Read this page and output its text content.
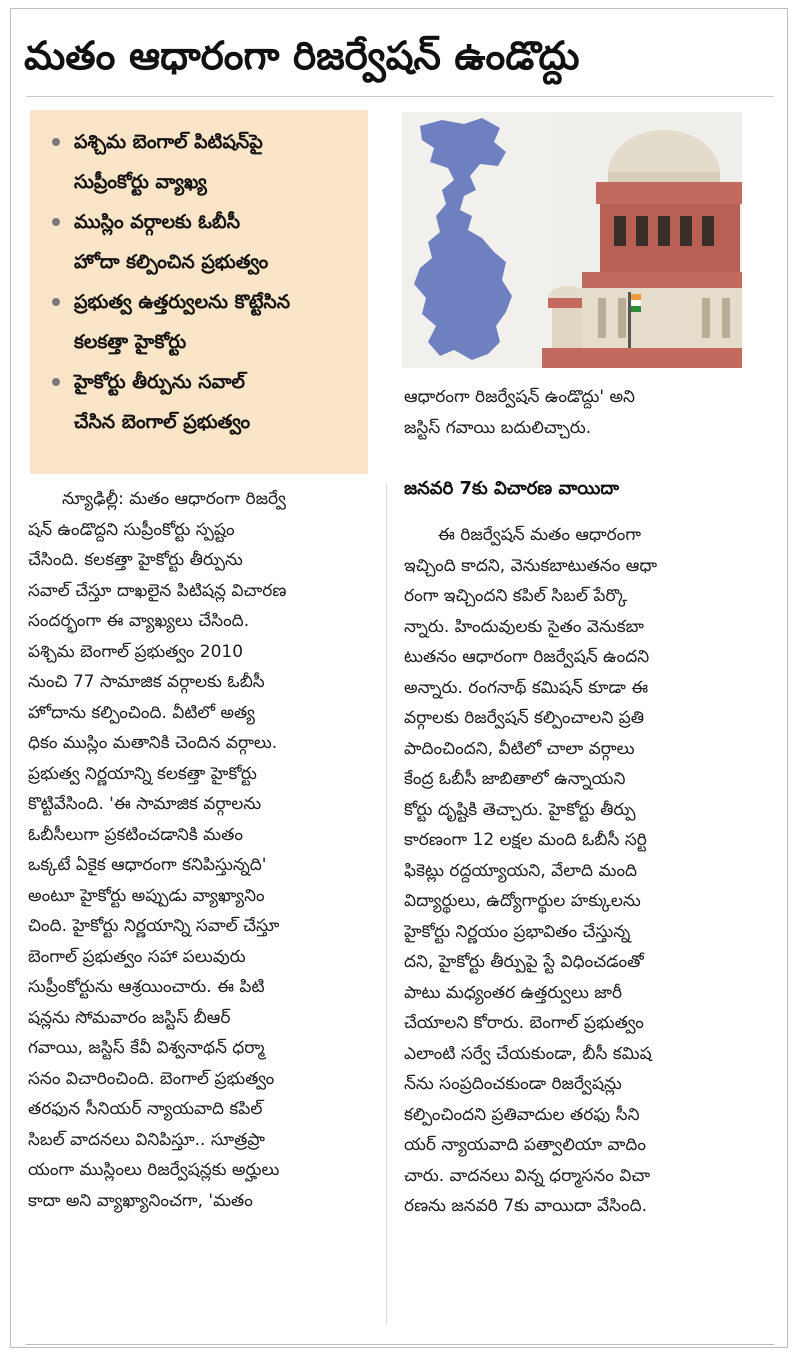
మతం ఆధారంగా రిజర్వేషన్ ఉండొద్దు
పశ్చిమ బెంగాల్ పిటిషన్‌పై
సుప్రీంకోర్టు వ్యాఖ్య
ముస్లిం వర్గాలకు ఓబీసీ
హోదా కల్పించిన ప్రభుత్వం
ప్రభుత్వ ఉత్తర్వులను కొట్టేసిన
కలకత్తా హైకోర్టు
హైకోర్టు తీర్పును సవాల్
చేసిన బెంగాల్ ప్రభుత్వం
ఆధారంగా రిజర్వేషన్ ఉండొద్దు' అని
జస్టిస్ గవాయి బదులిచ్చారు.
జనవరి 7కు విచారణ వాయిదా
ఈ రిజర్వేషన్ మతం ఆధారంగా
ఇచ్చింది కాదని, వెనుకబాటుతనం ఆధా
రంగా ఇచ్చిందని కపిల్ సిబల్ పేర్కొ
న్నారు. హిందువులకు సైతం వెనుకబా
టుతనం ఆధారంగా రిజర్వేషన్ ఉందని
అన్నారు. రంగనాథ్ కమిషన్ కూడా ఈ
వర్గాలకు రిజర్వేషన్ కల్పించాలని ప్రతి
పాదించిందని, వీటిలో చాలా వర్గాలు
కేంద్ర ఓబీసీ జాబితాలో ఉన్నాయని
కోర్టు దృష్టికి తెచ్చారు. హైకోర్టు తీర్పు
కారణంగా 12 లక్షల మంది ఓబీసీ సర్టి
ఫికెట్లు రద్దయ్యాయని, వేలాది మంది
విద్యార్థులు, ఉద్యోగార్థుల హక్కులను
హైకోర్టు నిర్ణయం ప్రభావితం చేస్తున్న
దని, హైకోర్టు తీర్పుపై స్టే విధించడంతో
పాటు మధ్యంతర ఉత్తర్వులు జారీ
చేయాలని కోరారు. బెంగాల్ ప్రభుత్వం
ఎలాంటి సర్వే చేయకుండా, బీసీ కమిష
న్‌ను సంప్రదించకుండా రిజర్వేషన్లు
కల్పించిందని ప్రతివాదుల తరఫు సీని
యర్ న్యాయవాది పత్వాలియా వాదిం
చారు. వాదనలు విన్న ధర్మాసనం విచా
రణను జనవరి 7కు వాయిదా వేసింది.
న్యూఢిల్లీ: మతం ఆధారంగా రిజర్వే
షన్ ఉండొద్దని సుప్రీంకోర్టు స్పష్టం
చేసింది. కలకత్తా హైకోర్టు తీర్పును
సవాల్ చేస్తూ దాఖలైన పిటిషన్ల విచారణ
సందర్భంగా ఈ వ్యాఖ్యలు చేసింది.
పశ్చిమ బెంగాల్ ప్రభుత్వం 2010
నుంచి 77 సామాజిక వర్గాలకు ఓబీసీ
హోదాను కల్పించింది. వీటిలో అత్య
ధికం ముస్లిం మతానికి చెందిన వర్గాలు.
ప్రభుత్వ నిర్ణయాన్ని కలకత్తా హైకోర్టు
కొట్టివేసింది. 'ఈ సామాజిక వర్గాలను
ఓబీసీలుగా ప్రకటించడానికి మతం
ఒక్కటే ఏకైక ఆధారంగా కనిపిస్తున్నది'
అంటూ హైకోర్టు అప్పుడు వ్యాఖ్యానిం
చింది. హైకోర్టు నిర్ణయాన్ని సవాల్ చేస్తూ
బెంగాల్ ప్రభుత్వం సహా పలువురు
సుప్రీంకోర్టును ఆశ్రయించారు. ఈ పిటి
షన్లను సోమవారం జస్టిస్ బీఆర్
గవాయి, జస్టిస్ కేవీ విశ్వనాథన్ ధర్మా
సనం విచారించింది. బెంగాల్ ప్రభుత్వం
తరఫున సీనియర్ న్యాయవాది కపిల్
సిబల్ వాదనలు వినిపిస్తూ.. సూత్రప్రా
యంగా ముస్లింలు రిజర్వేషన్లకు అర్హులు
కాదా అని వ్యాఖ్యానించగా, 'మతం
